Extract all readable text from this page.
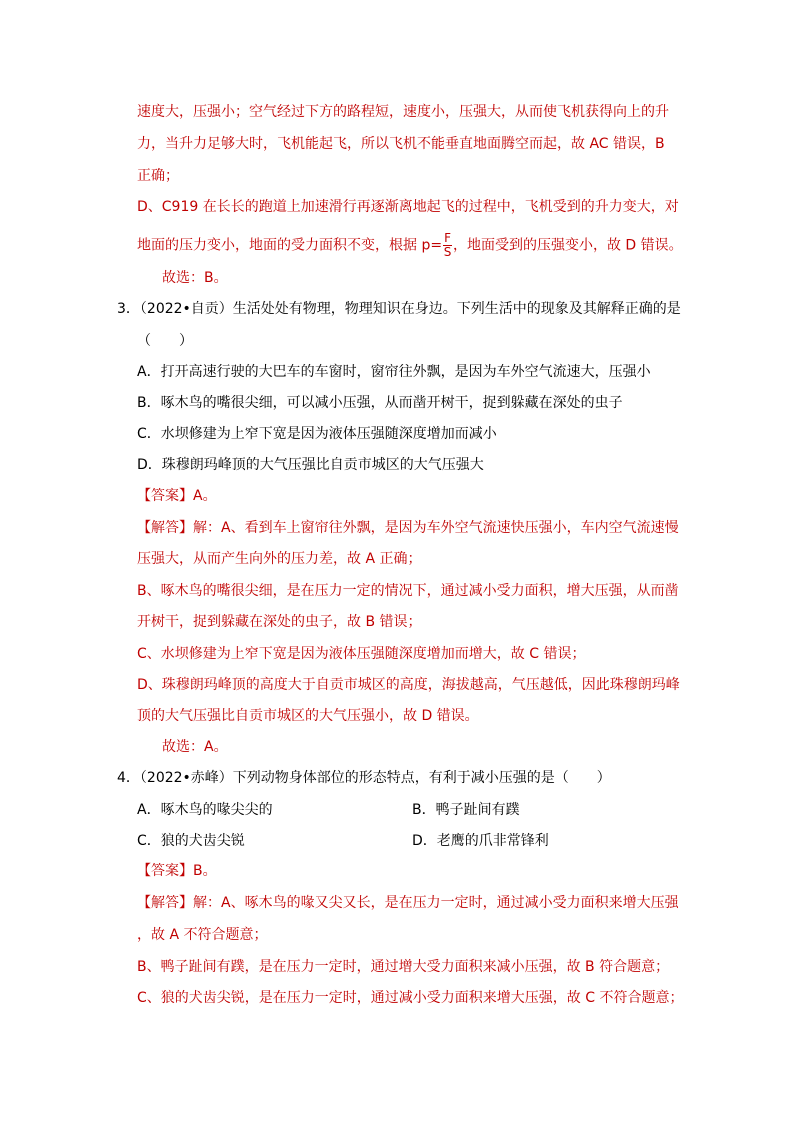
速度大，压强小；空气经过下方的路程短，速度小，压强大，从而使飞机获得向上的升
力，当升力足够大时，飞机能起飞，所以飞机不能垂直地面腾空而起，故 AC 错误，B
正确；
D、C919 在长长的跑道上加速滑行再逐渐离地起飞的过程中，飞机受到的升力变大，对
地面的压力变小，地面的受力面积不变，根据 $p= \frac{F}{S}$ ，地面受到的压强变小，故 D 错误。
故选：B。
3．（2022•自贡）生活处处有物理，物理知识在身边。下列生活中的现象及其解释正确的是
（　　）
A．打开高速行驶的大巴车的车窗时，窗帘往外飘，是因为车外空气流速大，压强小
B．啄木鸟的嘴很尖细，可以减小压强，从而凿开树干，捉到躲藏在深处的虫子
C．水坝修建为上窄下宽是因为液体压强随深度增加而减小
D．珠穆朗玛峰顶的大气压强比自贡市城区的大气压强大
【答案】A。
【解答】解：A、看到车上窗帘往外飘，是因为车外空气流速快压强小，车内空气流速慢
压强大，从而产生向外的压力差，故 A 正确；
B、啄木鸟的嘴很尖细，是在压力一定的情况下，通过减小受力面积，增大压强，从而凿
开树干，捉到躲藏在深处的虫子，故 B 错误；
C、水坝修建为上窄下宽是因为液体压强随深度增加而增大，故 C 错误；
D、珠穆朗玛峰顶的高度大于自贡市城区的高度，海拔越高，气压越低，因此珠穆朗玛峰
顶的大气压强比自贡市城区的大气压强小，故 D 错误。
故选：A。
4．（2022•赤峰）下列动物身体部位的形态特点，有利于减小压强的是（　　）
A．啄木鸟的喙尖尖的	B．鸭子趾间有蹼
C．狼的犬齿尖锐	D．老鹰的爪非常锋利
【答案】B。
【解答】解：A、啄木鸟的喙又尖又长，是在压力一定时，通过减小受力面积来增大压强
，故 A 不符合题意；
B、鸭子趾间有蹼，是在压力一定时，通过增大受力面积来减小压强，故 B 符合题意；
C、狼的犬齿尖锐，是在压力一定时，通过减小受力面积来增大压强，故 C 不符合题意；
